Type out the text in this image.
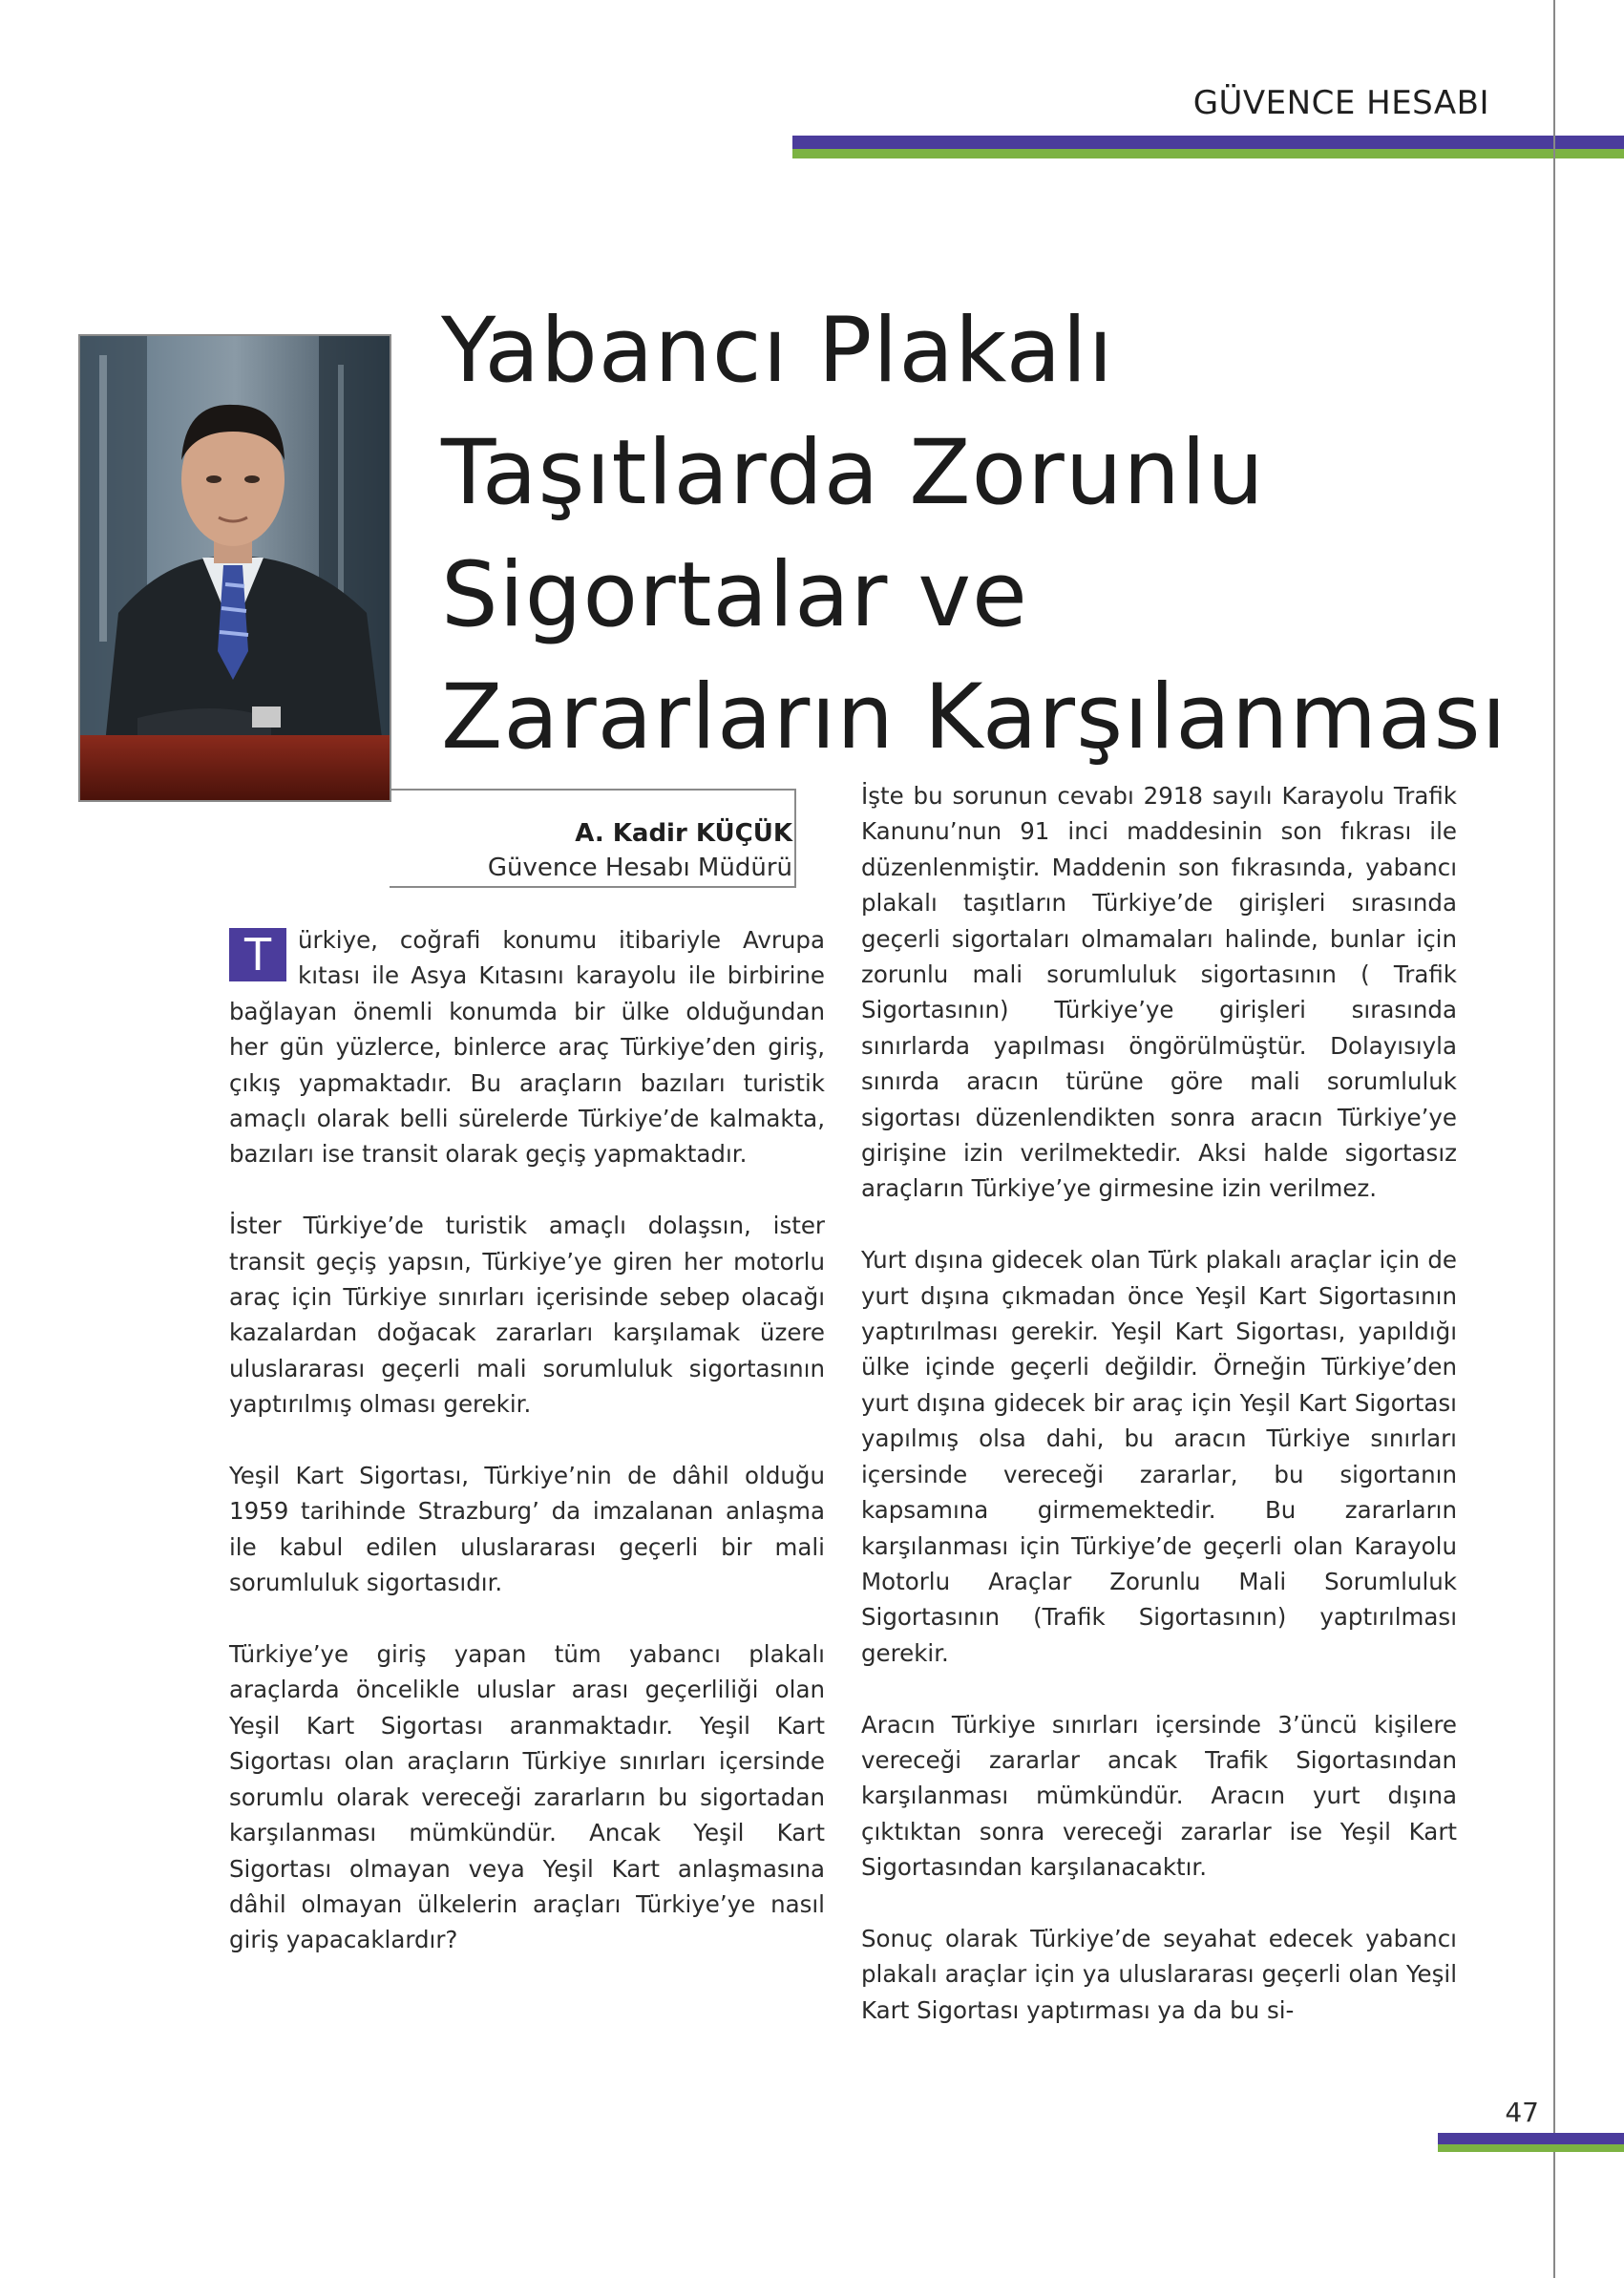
GÜVENCE HESABI
A. Kadir KÜÇÜK
Güvence Hesabı Müdürü
Yabancı Plakalı
Taşıtlarda Zorunlu
Sigortalar ve
Zararların Karşılanması

T	ürkiye, coğrafi konumu itibariyle Avrupa kıtası ile Asya Kıtasını karayolu ile birbirine bağlayan önemli konumda bir ülke olduğundan her gün yüzlerce, binlerce araç Türkiye’den giriş, çıkış yapmaktadır. Bu araçların bazıları turistik amaçlı olarak belli sürelerde Türkiye’de kalmakta, bazıları ise transit olarak geçiş yapmaktadır.

İster Türkiye’de turistik amaçlı dolaşsın, ister transit geçiş yapsın, Türkiye’ye giren her motorlu araç için Türkiye sınırları içerisinde sebep olacağı kazalardan doğacak zararları karşılamak üzere uluslararası geçerli mali sorumluluk sigortasının yaptırılmış olması gerekir.

Yeşil Kart Sigortası, Türkiye’nin de dâhil olduğu 1959 tarihinde Strazburg’ da imzalanan anlaşma ile kabul edilen uluslararası geçerli bir mali sorumluluk sigortasıdır.

Türkiye’ye giriş yapan tüm yabancı plakalı araçlarda öncelikle uluslar arası geçerliliği olan Yeşil Kart Sigortası aranmaktadır. Yeşil Kart Sigortası olan araçların Türkiye sınırları içersinde sorumlu olarak vereceği zararların bu sigortadan karşılanması mümkündür. Ancak Yeşil Kart Sigortası olmayan veya Yeşil Kart anlaşmasına dâhil olmayan ülkelerin araçları Türkiye’ye nasıl giriş yapacaklardır?

İşte bu sorunun cevabı 2918 sayılı Karayolu Trafik Kanunu’nun 91 inci maddesinin son fıkrası ile düzenlenmiştir. Maddenin son fıkrasında, yabancı plakalı taşıtların Türkiye’de girişleri sırasında geçerli sigortaları olmamaları halinde, bunlar için zorunlu mali sorumluluk sigortasının ( Trafik Sigortasının) Türkiye’ye girişleri sırasında sınırlarda yapılması öngörülmüştür. Dolayısıyla sınırda aracın türüne göre mali sorumluluk sigortası düzenlendikten sonra aracın Türkiye’ye girişine izin verilmektedir. Aksi halde sigortasız araçların Türkiye’ye girmesine izin verilmez.

Yurt dışına gidecek olan Türk plakalı araçlar için de yurt dışına çıkmadan önce Yeşil Kart Sigortasının yaptırılması gerekir. Yeşil Kart Sigortası, yapıldığı ülke içinde geçerli değildir. Örneğin Türkiye’den yurt dışına gidecek bir araç için Yeşil Kart Sigortası yapılmış olsa dahi, bu aracın Türkiye sınırları içersinde vereceği zararlar, bu sigortanın kapsamına girmemektedir. Bu zararların karşılanması için Türkiye’de geçerli olan Karayolu Motorlu Araçlar Zorunlu Mali Sorumluluk Sigortasının (Trafik Sigortasının) yaptırılması gerekir.

Aracın Türkiye sınırları içersinde 3’üncü kişilere vereceği zararlar ancak Trafik Sigortasından karşılanması mümkündür. Aracın yurt dışına çıktıktan sonra vereceği zararlar ise Yeşil Kart Sigortasından karşılanacaktır.

Sonuç olarak Türkiye’de seyahat edecek yabancı plakalı araçlar için ya uluslararası geçerli olan Yeşil Kart Sigortası yaptırması ya da bu si-

47
